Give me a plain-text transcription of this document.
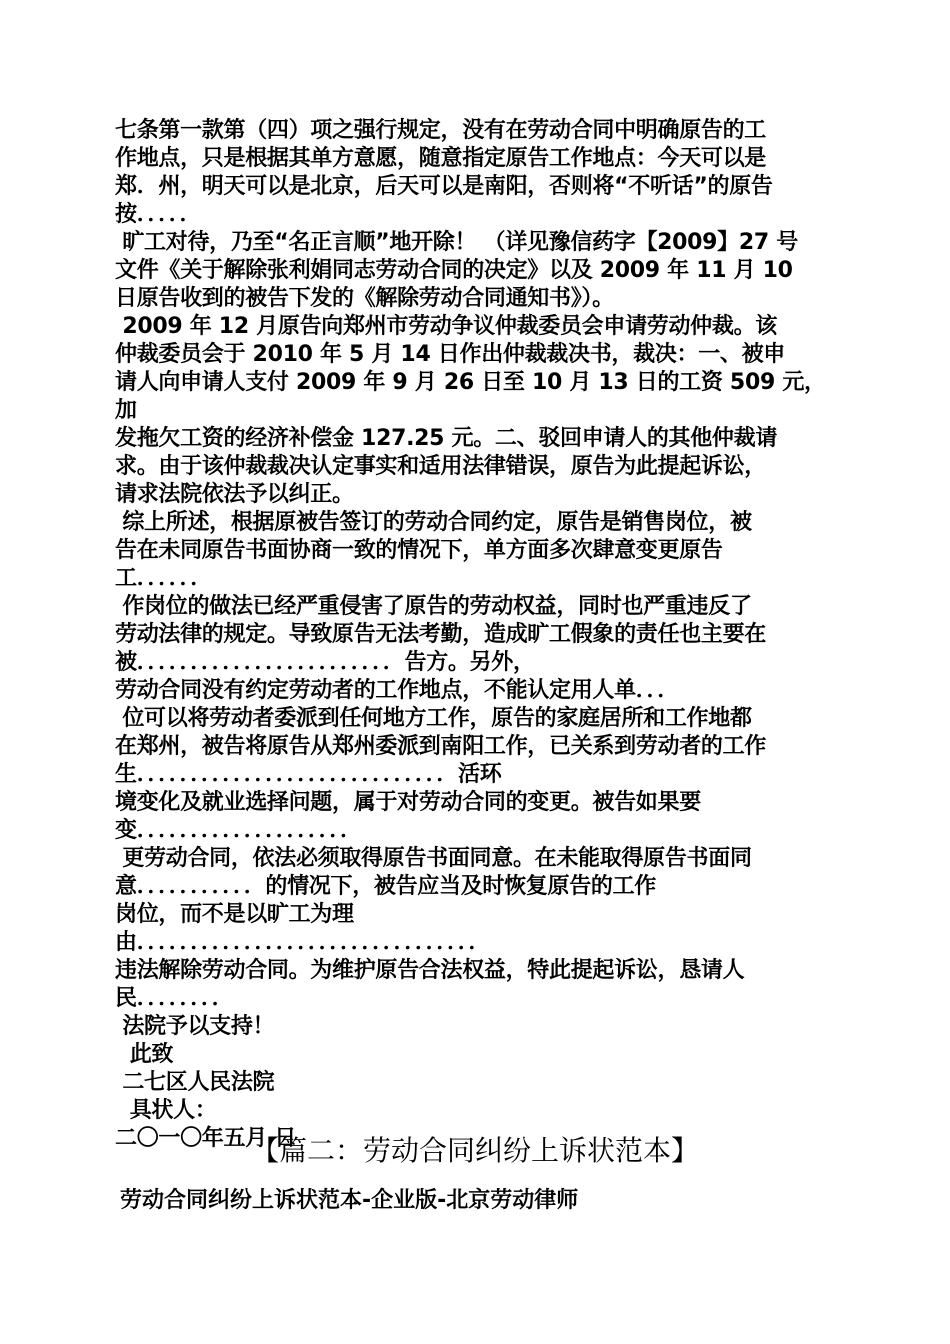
七条第一款第（四）项之强行规定，没有在劳动合同中明确原告的工
作地点，只是根据其单方意愿，随意指定原告工作地点：今天可以是
郑．州，明天可以是北京，后天可以是南阳，否则将“不听话”的原告
按．．．．．
旷工对待，乃至“名正言顺”地开除！ （详见豫信药字【2009】27 号
文件《关于解除张利娟同志劳动合同的决定》以及 2009 年 11 月 10
日原告收到的被告下发的《解除劳动合同通知书》）。
2009 年 12 月原告向郑州市劳动争议仲裁委员会申请劳动仲裁。该
仲裁委员会于 2010 年 5 月 14 日作出仲裁裁决书，裁决：一、被申
请人向申请人支付 2009 年 9 月 26 日至 10 月 13 日的工资 509 元，
加
发拖欠工资的经济补偿金 127.25 元。二、驳回申请人的其他仲裁请
求。由于该仲裁裁决认定事实和适用法律错误，原告为此提起诉讼，
请求法院依法予以纠正。
综上所述，根据原被告签订的劳动合同约定，原告是销售岗位，被
告在未同原告书面协商一致的情况下，单方面多次肆意变更原告
工．．．．．．
作岗位的做法已经严重侵害了原告的劳动权益，同时也严重违反了
劳动法律的规定。导致原告无法考勤，造成旷工假象的责任也主要在
被．．．．．．．．．．．．．．．．．．．．．．．．告方。另外，
劳动合同没有约定劳动者的工作地点，不能认定用人单．．．
位可以将劳动者委派到任何地方工作，原告的家庭居所和工作地都
在郑州，被告将原告从郑州委派到南阳工作，已关系到劳动者的工作
生．．．．．．．．．．．．．．．．．．．．．．．．．．．．．活环
境变化及就业选择问题，属于对劳动合同的变更。被告如果要
变．．．．．．．．．．．．．．．．．．．．
更劳动合同，依法必须取得原告书面同意。在未能取得原告书面同
意．．．．．．．．．．．的情况下，被告应当及时恢复原告的工作
岗位，而不是以旷工为理
由．．．．．．．．．．．．．．．．．．．．．．．．．．．．．．．．
违法解除劳动合同。为维护原告合法权益，特此提起诉讼，恳请人
民．．．．．．．．
法院予以支持！
此致
二七区人民法院
具状人：
二〇一〇年五月 日
【篇二：劳动合同纠纷上诉状范本】
劳动合同纠纷上诉状范本-企业版-北京劳动律师
